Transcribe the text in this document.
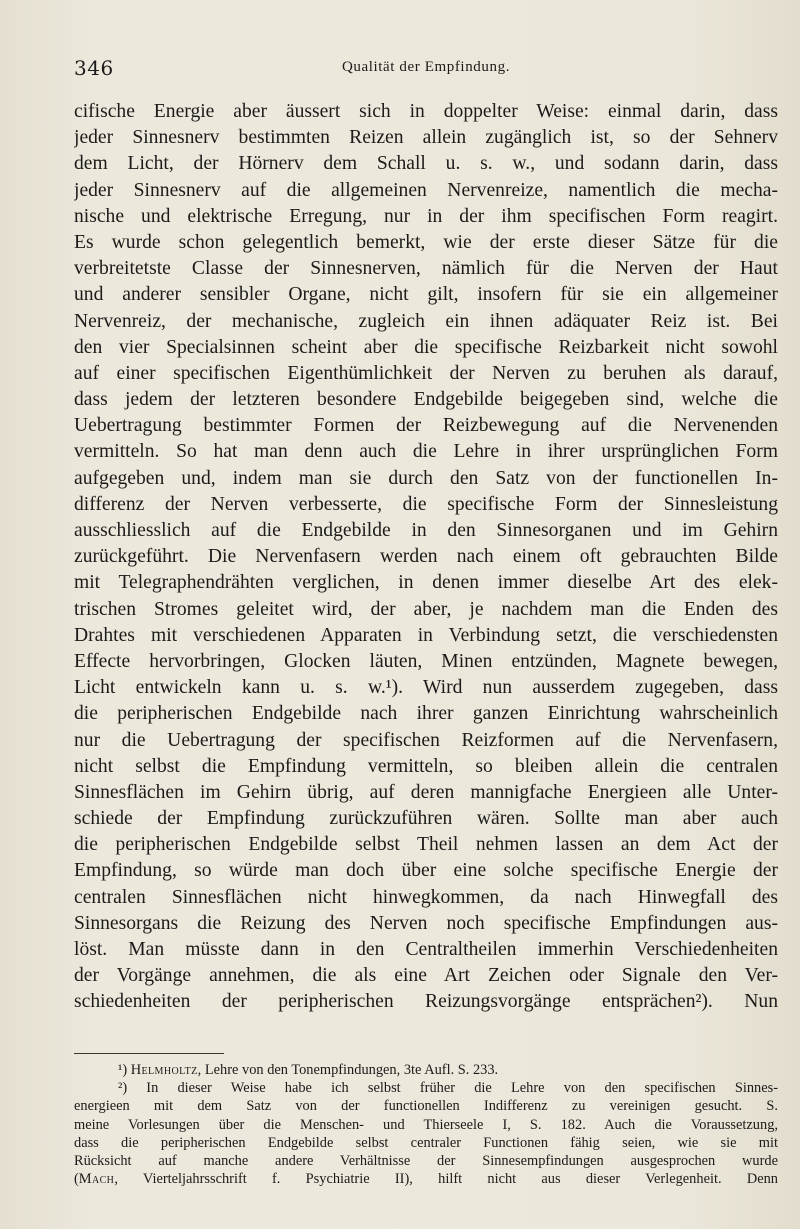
346	Qualität der Empfindung.
cifische Energie aber äussert sich in doppelter Weise: einmal darin, dass
jeder Sinnesnerv bestimmten Reizen allein zugänglich ist, so der Sehnerv
dem Licht, der Hörnerv dem Schall u. s. w., und sodann darin, dass
jeder Sinnesnerv auf die allgemeinen Nervenreize, namentlich die mecha-
nische und elektrische Erregung, nur in der ihm specifischen Form reagirt.
Es wurde schon gelegentlich bemerkt, wie der erste dieser Sätze für die
verbreitetste Classe der Sinnesnerven, nämlich für die Nerven der Haut
und anderer sensibler Organe, nicht gilt, insofern für sie ein allgemeiner
Nervenreiz, der mechanische, zugleich ein ihnen adäquater Reiz ist. Bei
den vier Specialsinnen scheint aber die specifische Reizbarkeit nicht sowohl
auf einer specifischen Eigenthümlichkeit der Nerven zu beruhen als darauf,
dass jedem der letzteren besondere Endgebilde beigegeben sind, welche die
Uebertragung bestimmter Formen der Reizbewegung auf die Nervenenden
vermitteln. So hat man denn auch die Lehre in ihrer ursprünglichen Form
aufgegeben und, indem man sie durch den Satz von der functionellen In-
differenz der Nerven verbesserte, die specifische Form der Sinnesleistung
ausschliesslich auf die Endgebilde in den Sinnesorganen und im Gehirn
zurückgeführt. Die Nervenfasern werden nach einem oft gebrauchten Bilde
mit Telegraphendrähten verglichen, in denen immer dieselbe Art des elek-
trischen Stromes geleitet wird, der aber, je nachdem man die Enden des
Drahtes mit verschiedenen Apparaten in Verbindung setzt, die verschiedensten
Effecte hervorbringen, Glocken läuten, Minen entzünden, Magnete bewegen,
Licht entwickeln kann u. s. w.¹). Wird nun ausserdem zugegeben, dass
die peripherischen Endgebilde nach ihrer ganzen Einrichtung wahrscheinlich
nur die Uebertragung der specifischen Reizformen auf die Nervenfasern,
nicht selbst die Empfindung vermitteln, so bleiben allein die centralen
Sinnesflächen im Gehirn übrig, auf deren mannigfache Energieen alle Unter-
schiede der Empfindung zurückzuführen wären. Sollte man aber auch
die peripherischen Endgebilde selbst Theil nehmen lassen an dem Act der
Empfindung, so würde man doch über eine solche specifische Energie der
centralen Sinnesflächen nicht hinwegkommen, da nach Hinwegfall des
Sinnesorgans die Reizung des Nerven noch specifische Empfindungen aus-
löst. Man müsste dann in den Centraltheilen immerhin Verschiedenheiten
der Vorgänge annehmen, die als eine Art Zeichen oder Signale den Ver-
schiedenheiten der peripherischen Reizungsvorgänge entsprächen²). Nun
¹) Helmholtz, Lehre von den Tonempfindungen, 3te Aufl. S. 233.
²) In dieser Weise habe ich selbst früher die Lehre von den specifischen Sinnes-
energieen mit dem Satz von der functionellen Indifferenz zu vereinigen gesucht. S.
meine Vorlesungen über die Menschen- und Thierseele I, S. 182. Auch die Voraussetzung,
dass die peripherischen Endgebilde selbst centraler Functionen fähig seien, wie sie mit
Rücksicht auf manche andere Verhältnisse der Sinnesempfindungen ausgesprochen wurde
(Mach, Vierteljahrsschrift f. Psychiatrie II), hilft nicht aus dieser Verlegenheit. Denn
